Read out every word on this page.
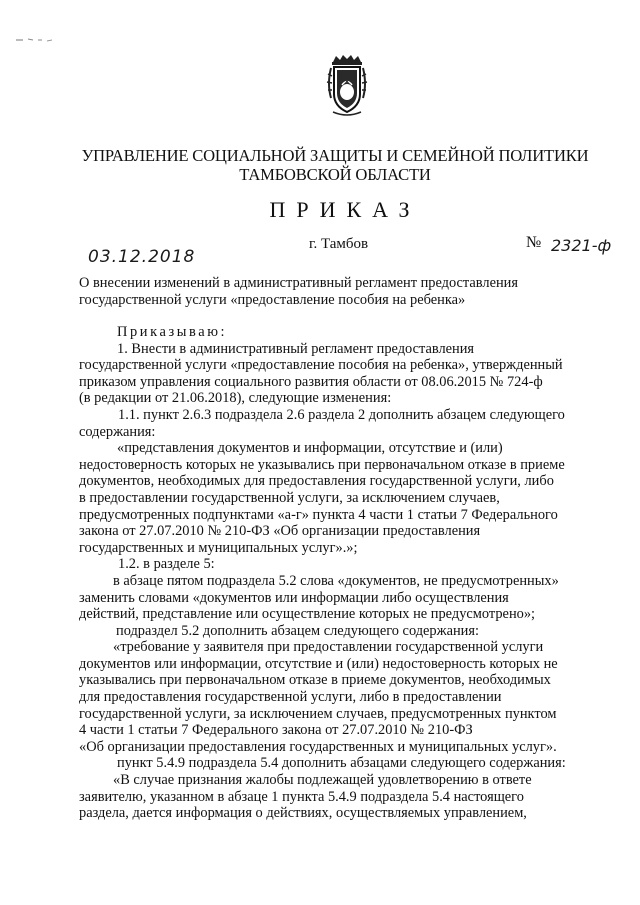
УПРАВЛЕНИЕ СОЦИАЛЬНОЙ ЗАЩИТЫ И СЕМЕЙНОЙ ПОЛИТИКИ
ТАМБОВСКОЙ ОБЛАСТИ
ПРИКАЗ
03.12.2018
г. Тамбов	№ 2321-ф
О внесении изменений в административный регламент предоставления
государственной услуги «предоставление пособия на ребенка»
Приказываю:
1. Внести в административный регламент предоставления
государственной услуги «предоставление пособия на ребенка», утвержденный
приказом управления социального развития области от 08.06.2015 № 724-ф
(в редакции от 21.06.2018), следующие изменения:
1.1. пункт 2.6.3 подраздела 2.6 раздела 2 дополнить абзацем следующего
содержания:
«представления документов и информации, отсутствие и (или)
недостоверность которых не указывались при первоначальном отказе в приеме
документов, необходимых для предоставления государственной услуги, либо
в предоставлении государственной услуги, за исключением случаев,
предусмотренных подпунктами «а-г» пункта 4 части 1 статьи 7 Федерального
закона от 27.07.2010 № 210-ФЗ «Об организации предоставления
государственных и муниципальных услуг».»;
1.2. в разделе 5:
в абзаце пятом подраздела 5.2 слова «документов, не предусмотренных»
заменить словами «документов или информации либо осуществления
действий, представление или осуществление которых не предусмотрено»;
подраздел 5.2 дополнить абзацем следующего содержания:
«требование у заявителя при предоставлении государственной услуги
документов или информации, отсутствие и (или) недостоверность которых не
указывались при первоначальном отказе в приеме документов, необходимых
для предоставления государственной услуги, либо в предоставлении
государственной услуги, за исключением случаев, предусмотренных пунктом
4 части 1 статьи 7 Федерального закона от 27.07.2010 № 210-ФЗ
«Об организации предоставления государственных и муниципальных услуг».
пункт 5.4.9 подраздела 5.4 дополнить абзацами следующего содержания:
«В случае признания жалобы подлежащей удовлетворению в ответе
заявителю, указанном в абзаце 1 пункта 5.4.9 подраздела 5.4 настоящего
раздела, дается информация о действиях, осуществляемых управлением,
